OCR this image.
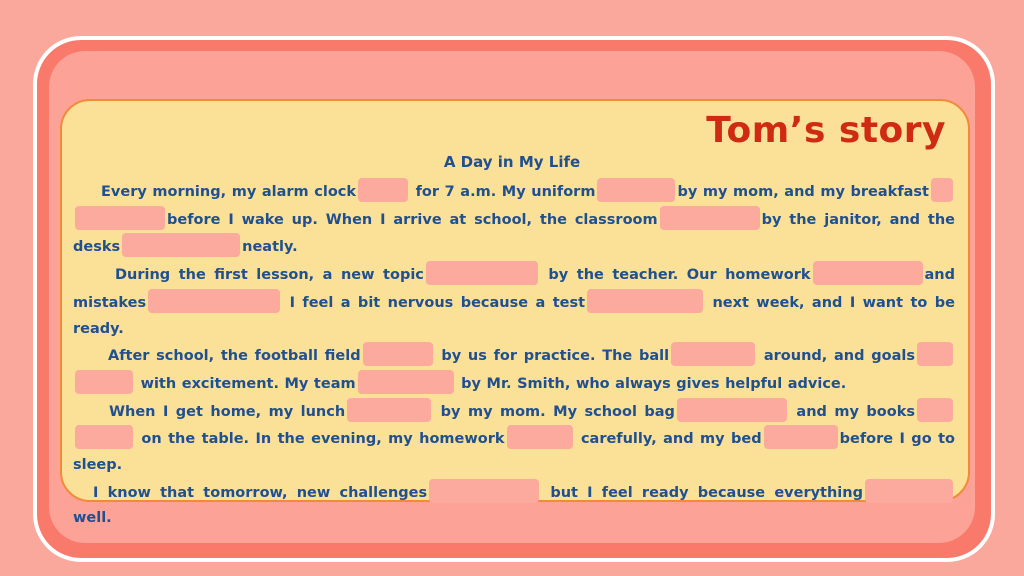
Tom’s story
A Day in My Life

Every morning, my alarm clock	for 7 a.m. My uniform	by my mom, and my breakfast before I wake up. When I arrive at school, the classroom	by the janitor, and the desks	neatly.

During the first lesson, a new topic	by the teacher. Our homework	and mistakes	I feel a bit nervous because a test	next week, and I want to be ready.

After school, the football field	by us for practice. The ball	around, and goals  with excitement. My team	by Mr. Smith, who always gives helpful advice.

When I get home, my lunch	by my mom. My school bag	and my books  on the table. In the evening, my homework	carefully, and my bed	before I go to sleep.

I know that tomorrow, new challenges	but I feel ready because everything well.
